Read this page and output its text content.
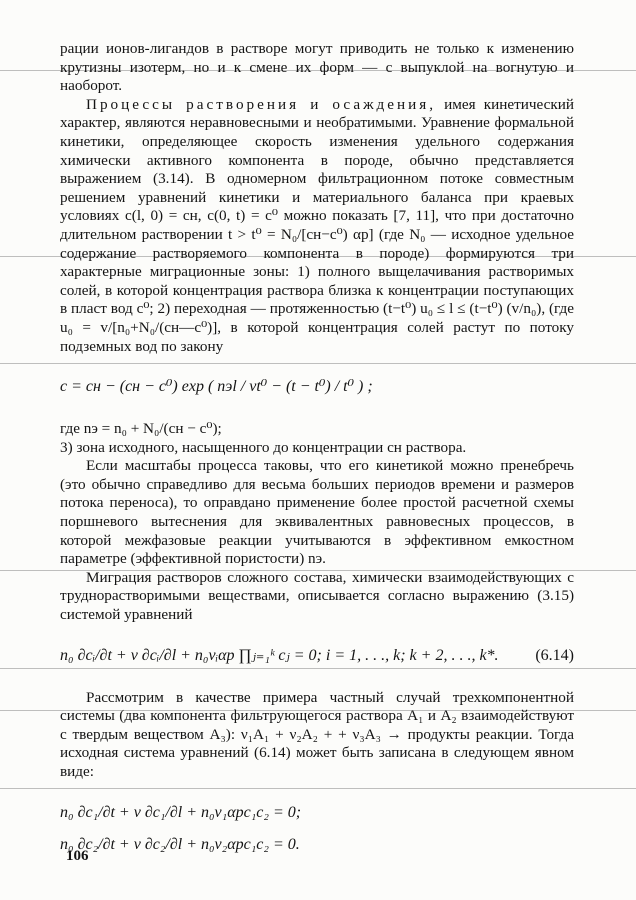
рации ионов-лигандов в растворе могут приводить не только к изменению крутизны изотерм, но и к смене их форм — с выпуклой на вогнутую и наоборот.

Процессы растворения и осаждения, имея кинетический характер, являются неравновесными и необратимыми. Уравнение формальной кинетики, определяющее скорость изменения удельного содержания химически активного компонента в породе, обычно представляется выражением (3.14). В одномерном фильтрационном потоке совместным решением уравнений кинетики и материального баланса при краевых условиях c(l, 0) = cн, c(0, t) = c⁰ можно показать [7, 11], что при достаточно длительном растворении t > t⁰ = N₀/[cн−c⁰) αр] (где N₀ — исходное удельное содержание растворяемого компонента в породе) формируются три характерные миграционные зоны: 1) полного выщелачивания растворимых солей, в которой концентрация раствора близка к концентрации поступающих в пласт вод c⁰; 2) переходная — протяженностью (t−t⁰) u₀ ≤ l ≤ (t−t⁰) (v/n₀), (где u₀ = v/[n₀+N₀/(cн—c⁰)], в которой концентрация солей растут по потоку подземных вод по закону

c = cн − (cн − c⁰) exp ( nэl / vt⁰ − (t − t⁰) / t⁰ ) ;

где nэ = n₀ + N₀/(cн − c⁰);

3) зона исходного, насыщенного до концентрации cн раствора.

Если масштабы процесса таковы, что его кинетикой можно пренебречь (это обычно справедливо для весьма больших периодов времени и размеров потока переноса), то оправдано применение более простой расчетной схемы поршневого вытеснения для эквивалентных равновесных процессов, в которой межфазовые реакции учитываются в эффективном емкостном параметре (эффективной пористости) nэ.

Миграция растворов сложного состава, химически взаимодействующих с труднорастворимыми веществами, описывается согласно выражению (3.15) системой уравнений

n₀ ∂cᵢ/∂t + v ∂cᵢ/∂l + n₀νᵢαр ∏ⱼ₌₁ᵏ cⱼ = 0; i = 1, . . ., k; k + 2, . . ., k*. (6.14)

Рассмотрим в качестве примера частный случай трехкомпонентной системы (два компонента фильтрующегося раствора A₁ и A₂ взаимодействуют с твердым веществом A₃): ν₁A₁ + ν₂A₂ + + ν₃A₃ → продукты реакции. Тогда исходная система уравнений (6.14) может быть записана в следующем явном виде:

n₀ ∂c₁/∂t + v ∂c₁/∂l + n₀ν₁αрc₁c₂ = 0;
n₀ ∂c₂/∂t + v ∂c₂/∂l + n₀ν₂αрc₁c₂ = 0.
106
